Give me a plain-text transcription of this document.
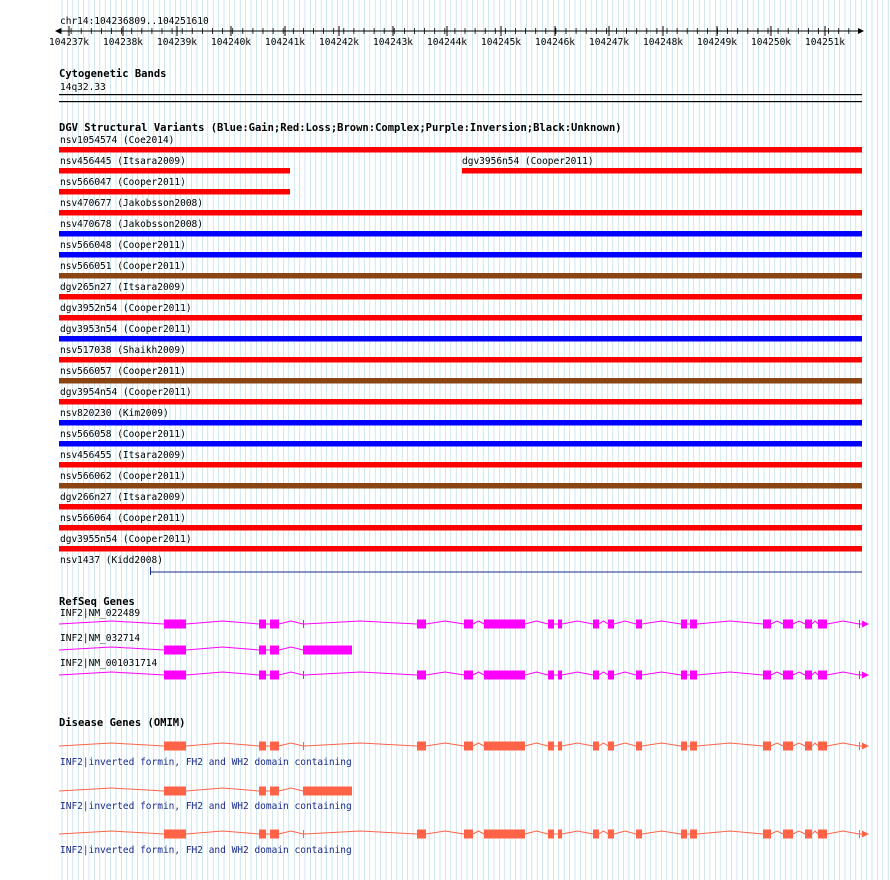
chr14:104236809..104251610
104237k 104238k 104239k 104240k 104241k 104242k 104243k 104244k 104245k 104246k 104247k 104248k 104249k 104250k 104251k
Cytogenetic Bands
14q32.33
DGV Structural Variants (Blue:Gain;Red:Loss;Brown:Complex;Purple:Inversion;Black:Unknown)
nsv1054574 (Coe2014)
nsv456445 (Itsara2009)	dgv3956n54 (Cooper2011)
nsv566047 (Cooper2011)
nsv470677 (Jakobsson2008)
nsv470678 (Jakobsson2008)
nsv566048 (Cooper2011)
nsv566051 (Cooper2011)
dgv265n27 (Itsara2009)
dgv3952n54 (Cooper2011)
dgv3953n54 (Cooper2011)
nsv517038 (Shaikh2009)
nsv566057 (Cooper2011)
dgv3954n54 (Cooper2011)
nsv820230 (Kim2009)
nsv566058 (Cooper2011)
nsv456455 (Itsara2009)
nsv566062 (Cooper2011)
dgv266n27 (Itsara2009)
nsv566064 (Cooper2011)
dgv3955n54 (Cooper2011)
nsv1437 (Kidd2008)
RefSeq Genes
INF2|NM_022489
INF2|NM_032714
INF2|NM_001031714
Disease Genes (OMIM)
INF2|inverted formin, FH2 and WH2 domain containing
INF2|inverted formin, FH2 and WH2 domain containing
INF2|inverted formin, FH2 and WH2 domain containing
